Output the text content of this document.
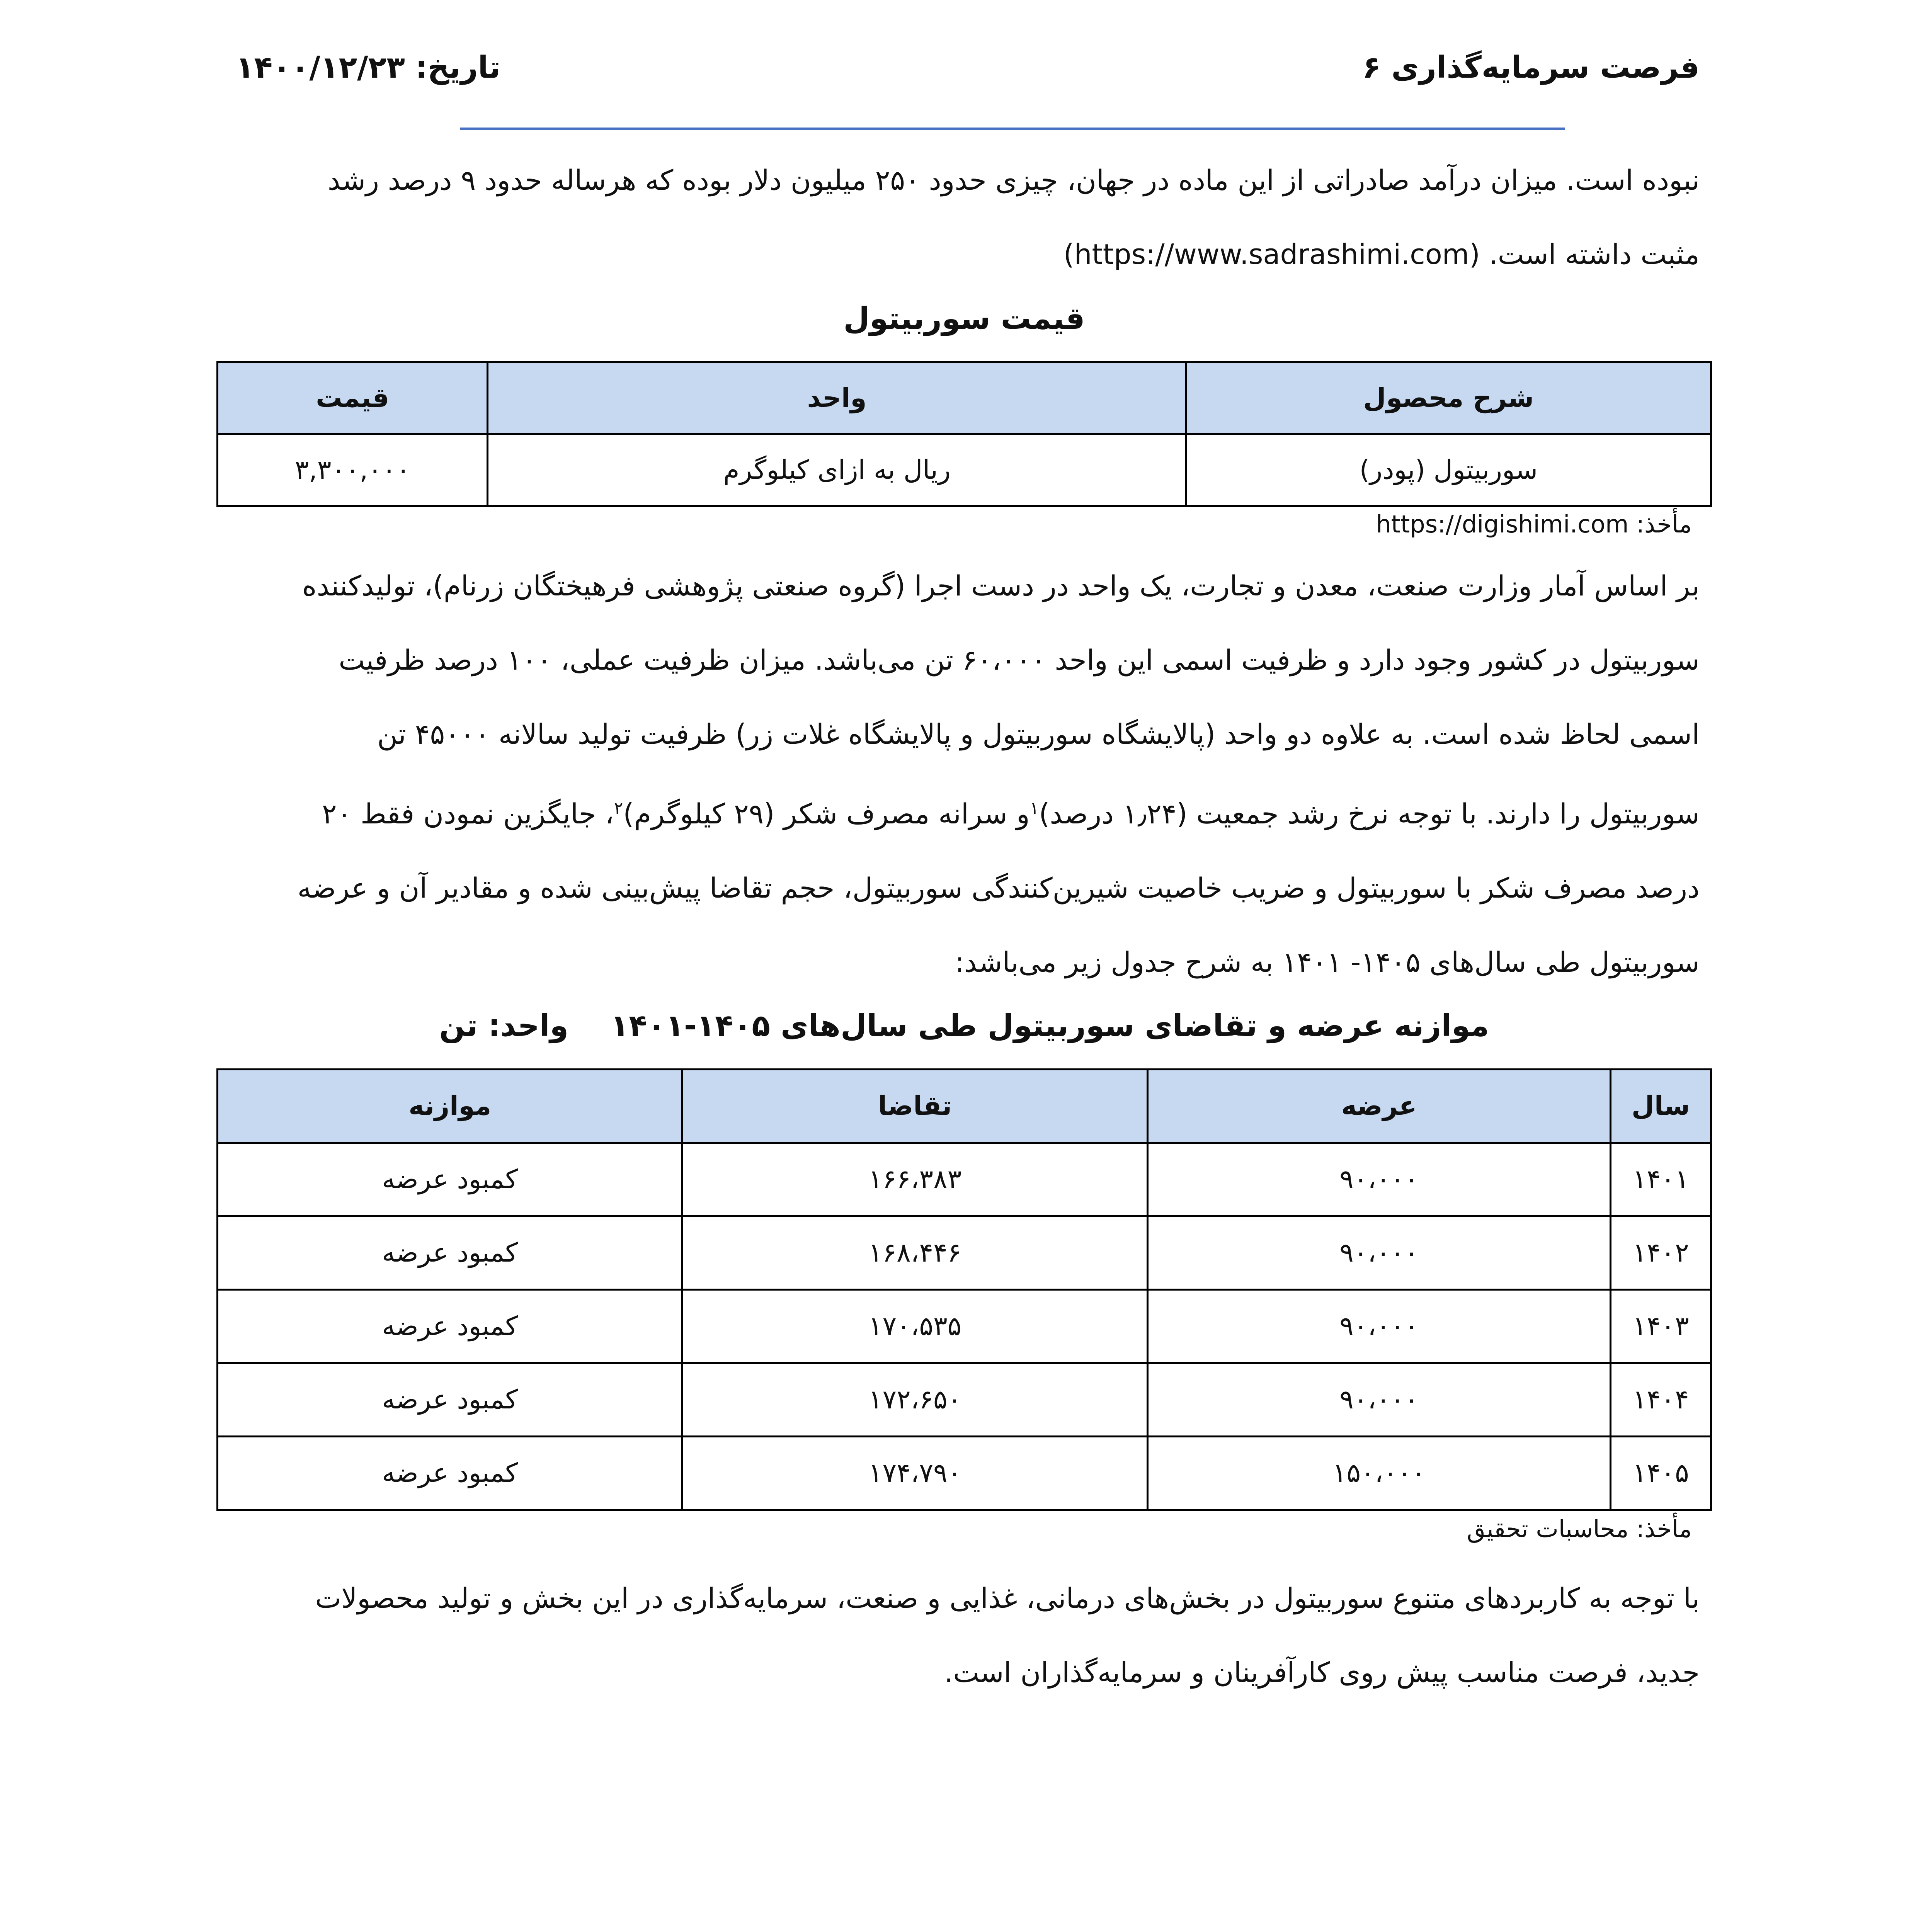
فرصت سرمایه‌گذاری ۶
تاریخ: ۱۴۰۰/۱۲/۲۳

نبوده است. میزان درآمد صادراتی از این ماده در جهان، چیزی حدود ۲۵۰ میلیون دلار بوده که هرساله حدود ۹ درصد رشد

مثبت داشته است. (https://www.sadrashimi.com)

قیمت سوربیتول
شرح محصول	واحد	قیمت
سوربیتول (پودر)	ریال به ازای کیلوگرم	۳,۳۰۰,۰۰۰
مأخذ: https://digishimi.com

بر اساس آمار وزارت صنعت، معدن و تجارت، یک واحد در دست اجرا (گروه صنعتی پژوهشی فرهیختگان زرنام)، تولیدکننده

سوربیتول در کشور وجود دارد و ظرفیت اسمی این واحد ۶۰،۰۰۰ تن می‌باشد. میزان ظرفیت عملی، ۱۰۰ درصد ظرفیت

اسمی لحاظ شده است. به علاوه دو واحد (پالایشگاه سوربیتول و پالایشگاه غلات زر) ظرفیت تولید سالانه ۴۵۰۰۰ تن

سوربیتول را دارند. با توجه نرخ رشد جمعیت (۱٫۲۴ درصد)$^۱$و سرانه مصرف شکر (۲۹ کیلوگرم)$^۲$، جایگزین نمودن فقط ۲۰

درصد مصرف شکر با سوربیتول و ضریب خاصیت شیرین‌کنندگی سوربیتول، حجم تقاضا پیش‌بینی شده و مقادیر آن و عرضه

سوربیتول طی سال‌های ۱۴۰۵- ۱۴۰۱ به شرح جدول زیر می‌باشد:

موازنه عرضه و تقاضای سوربیتول طی سال‌های ۱۴۰۵-۱۴۰۱    واحد: تن
سال	عرضه	تقاضا	موازنه
۱۴۰۱	۹۰،۰۰۰	۱۶۶،۳۸۳	کمبود عرضه
۱۴۰۲	۹۰،۰۰۰	۱۶۸،۴۴۶	کمبود عرضه
۱۴۰۳	۹۰،۰۰۰	۱۷۰،۵۳۵	کمبود عرضه
۱۴۰۴	۹۰،۰۰۰	۱۷۲،۶۵۰	کمبود عرضه
۱۴۰۵	۱۵۰،۰۰۰	۱۷۴،۷۹۰	کمبود عرضه
مأخذ: محاسبات تحقیق

با توجه به کاربردهای متنوع سوربیتول در بخش‌های درمانی، غذایی و صنعت، سرمایه‌گذاری در این بخش و تولید محصولات

جدید، فرصت مناسب پیش روی کارآفرینان و سرمایه‌گذاران است.
